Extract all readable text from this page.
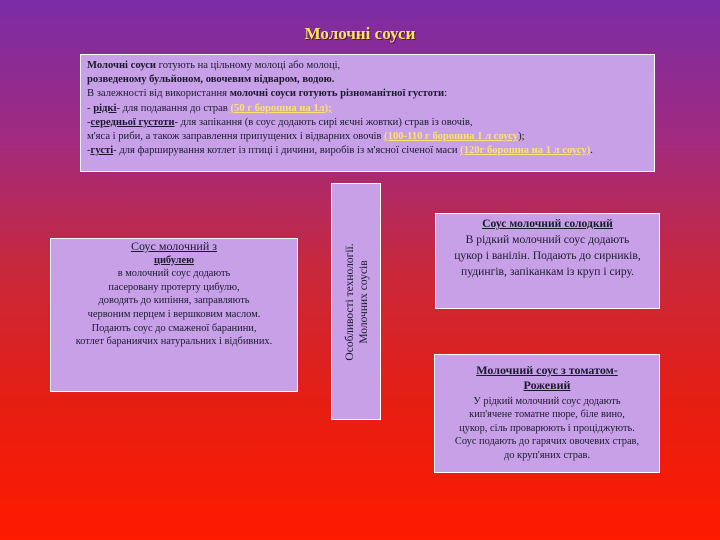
Молочні соуси

Молочні соуси готують на цільному молоці або молоці,

розведеному бульйоном, овочевим відваром, водою.

В залежності від використання молочні соуси готують різноманітної густоти:

- рідкі- для подавання до страв (50 г борошна на 1л);

-середньої густоти- для запікання (в соус додають сирі яєчні жовтки) страв із овочів,

м'яса і риби, а також заправлення припущених і відварних овочів (100-110 г борошна 1 л соусу);

-густі- для фарширування котлет із птиці і дичини, виробів із м'ясної січеної маси (120г борошна на 1 л соусу).

Соус молочний з
цибулею
в молочний соус додають
пасеровану протерту цибулю,
доводять до кипіння, заправляють
червоним перцем і вершковим маслом.
Подають соус до смаженої баранини,
котлет бараниячих натуральних і відбивних.	Особливості технології. Молочних соусів
Соус молочний солодкий
В рідкий молочний соус додають
цукор і ванілін. Подають до сирників,
пудингів, запіканкам із круп і сиру.
Молочний соус з томатом-
Рожевий
У рідкий молочний соус додають
кип'ячене томатне пюре, біле вино,
цукор, сіль проварюють і проціджують.
Соус подають до гарячих овочевих страв,
до круп'яних страв.
